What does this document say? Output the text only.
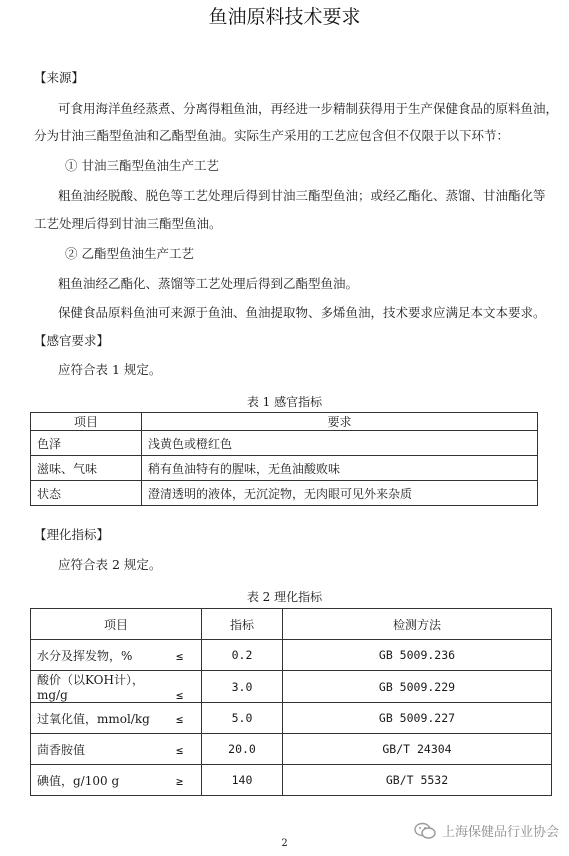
鱼油原料技术要求
【来源】
可食用海洋鱼经蒸煮、分离得粗鱼油，再经进一步精制获得用于生产保健食品的原料鱼油，
分为甘油三酯型鱼油和乙酯型鱼油。实际生产采用的工艺应包含但不仅限于以下环节：
① 甘油三酯型鱼油生产工艺
粗鱼油经脱酸、脱色等工艺处理后得到甘油三酯型鱼油；或经乙酯化、蒸馏、甘油酯化等
工艺处理后得到甘油三酯型鱼油。
② 乙酯型鱼油生产工艺
粗鱼油经乙酯化、蒸馏等工艺处理后得到乙酯型鱼油。
保健食品原料鱼油可来源于鱼油、鱼油提取物、多烯鱼油，技术要求应满足本文本要求。
【感官要求】
应符合表 1 规定。
表 1 感官指标
项目	要求
色泽	浅黄色或橙红色
滋味、气味	稍有鱼油特有的腥味，无鱼油酸败味
状态	澄清透明的液体，无沉淀物，无肉眼可见外来杂质
【理化指标】
应符合表 2 规定。
表 2 理化指标
项目	指标	检测方法
水分及挥发物，% ≤	0.2	GB 5009.236
酸价（以KOH计），mg/g ≤	3.0	GB 5009.229
过氧化值，mmol/kg ≤	5.0	GB 5009.227
茴香胺值 ≤	20.0	GB/T 24304
碘值，g/100 g ≥	140	GB/T 5532
上海保健品行业协会
2
